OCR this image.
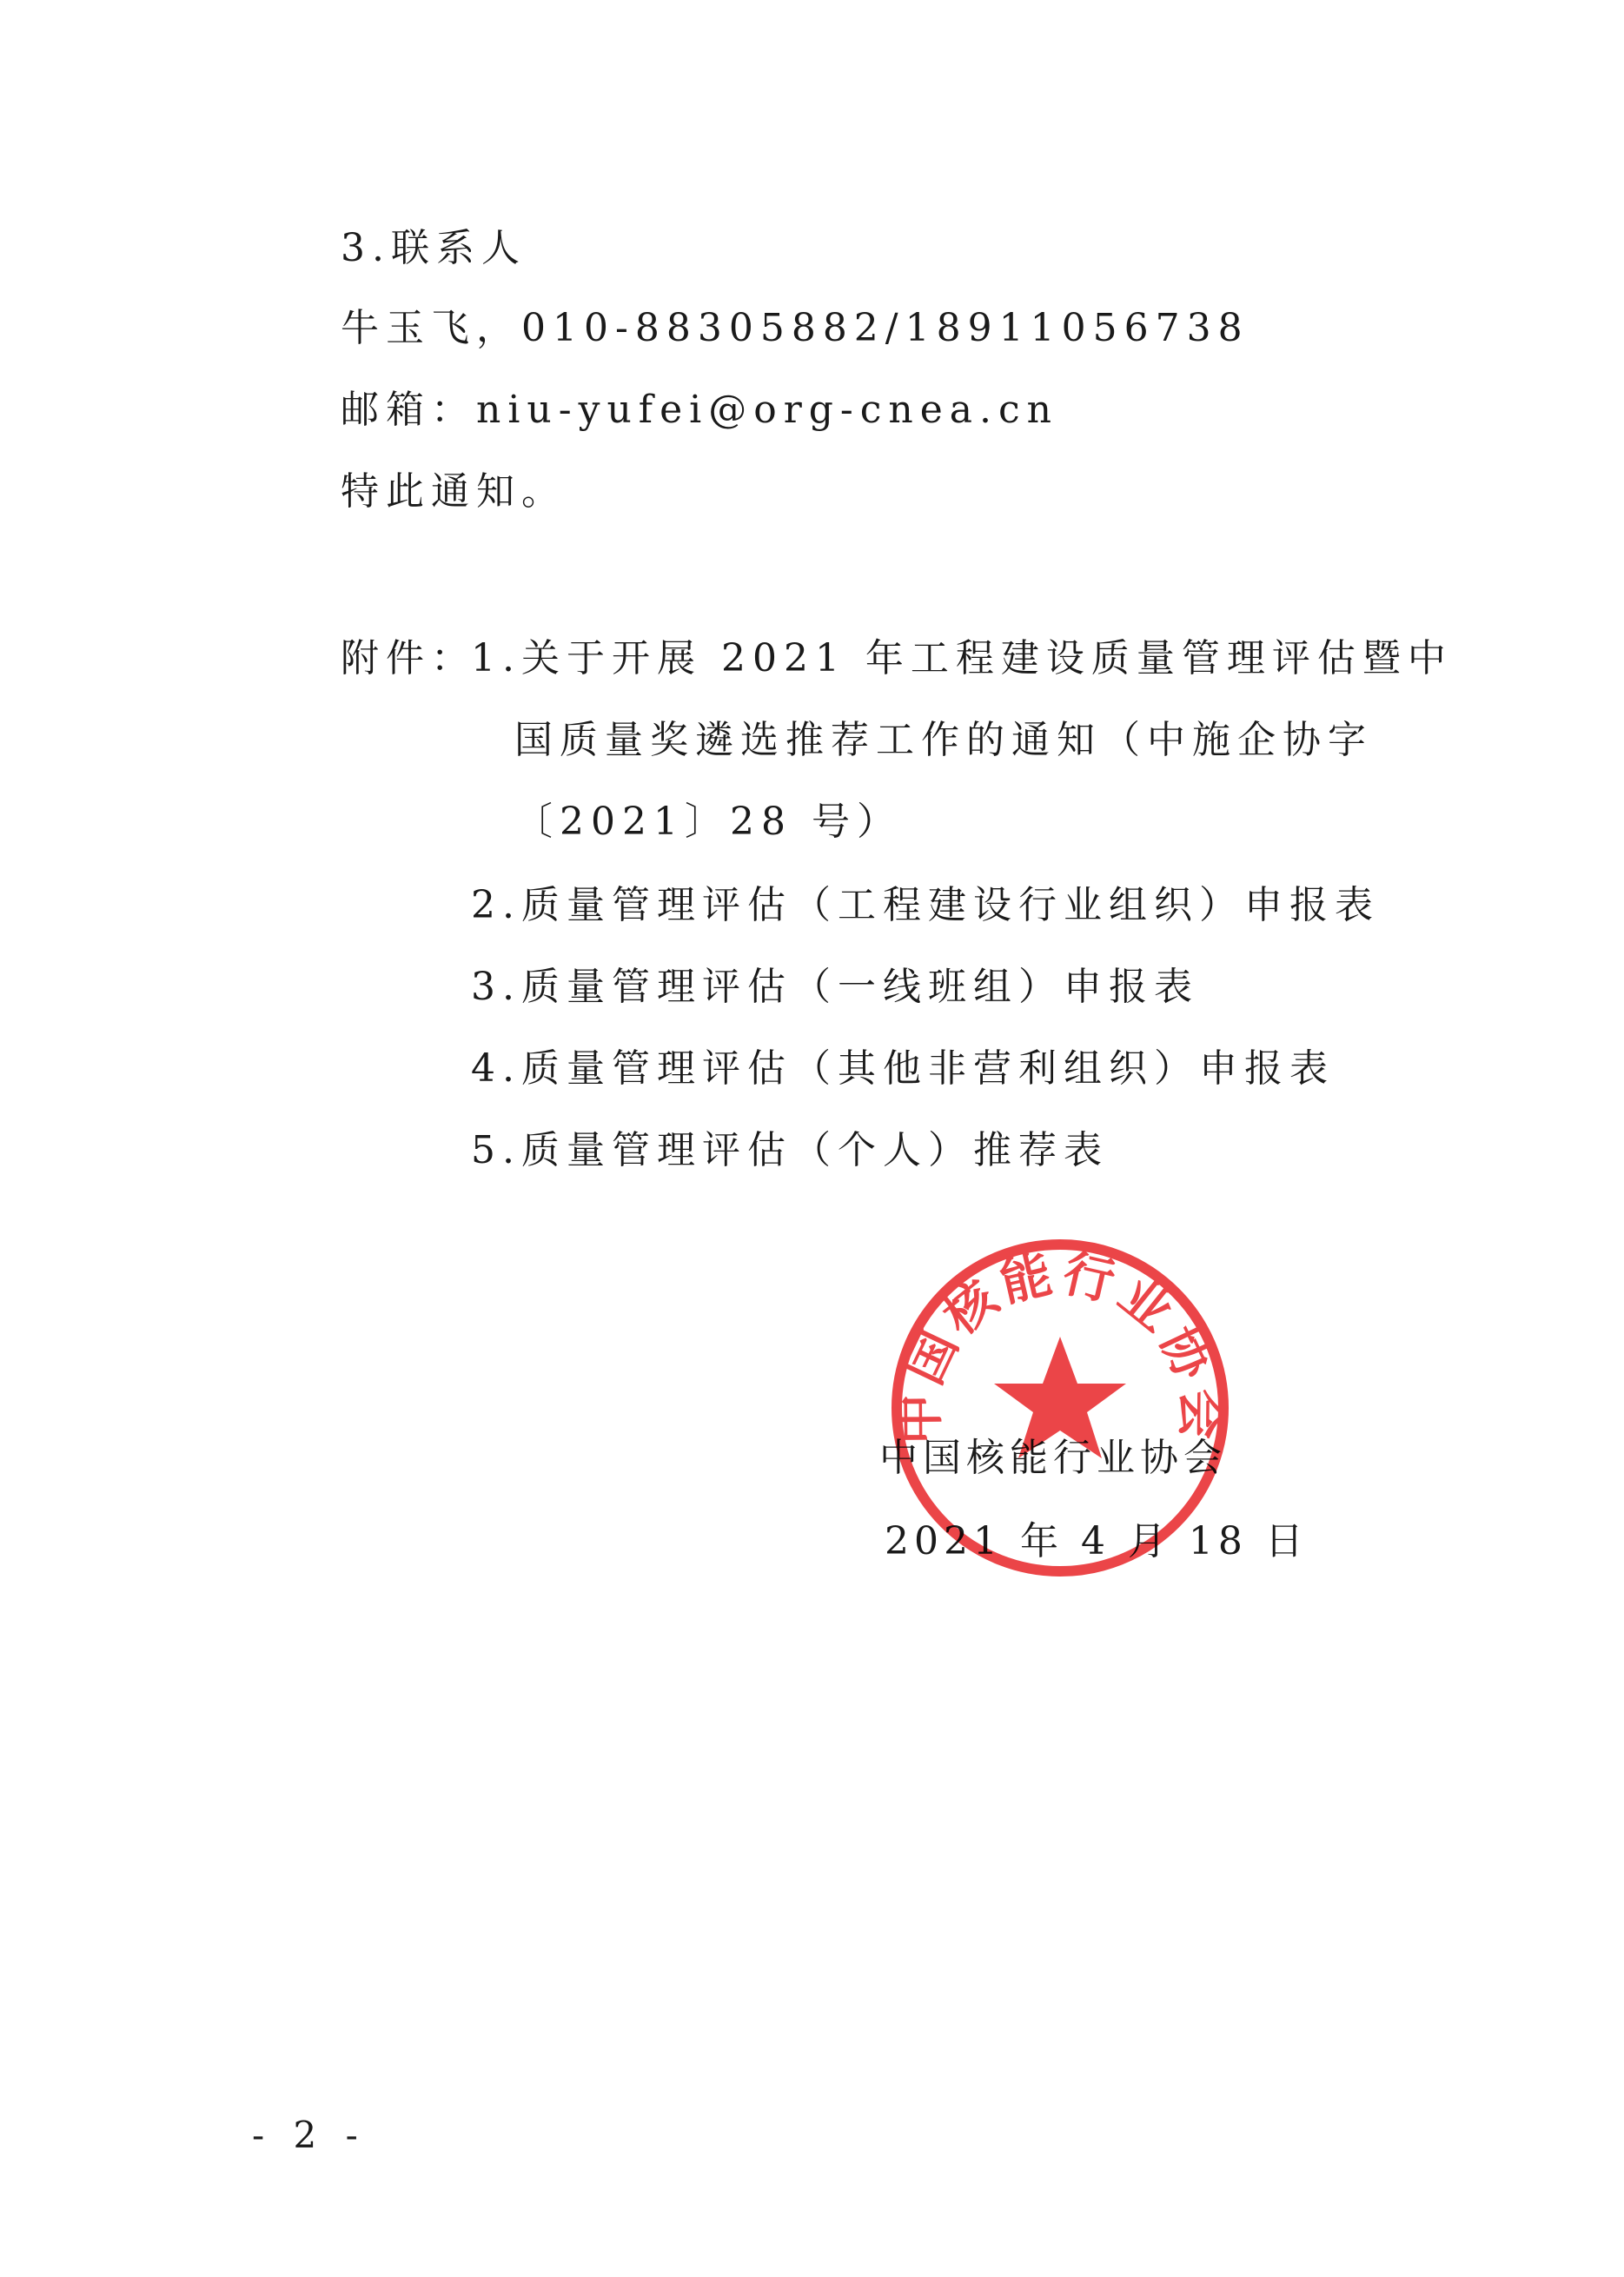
3.联系人
牛玉飞，010-88305882/18911056738
邮箱：niu-yufei@org-cnea.cn
特此通知。
附件：
1.关于开展 2021 年工程建设质量管理评估暨中
国质量奖遴选推荐工作的通知（中施企协字
〔2021〕28 号）
2.质量管理评估（工程建设行业组织）申报表
3.质量管理评估（一线班组）申报表
4.质量管理评估（其他非营利组织）申报表
5.质量管理评估（个人）推荐表
中国核能行业协会
2021 年 4 月 18 日
中国核能行业协会
- 2 -
